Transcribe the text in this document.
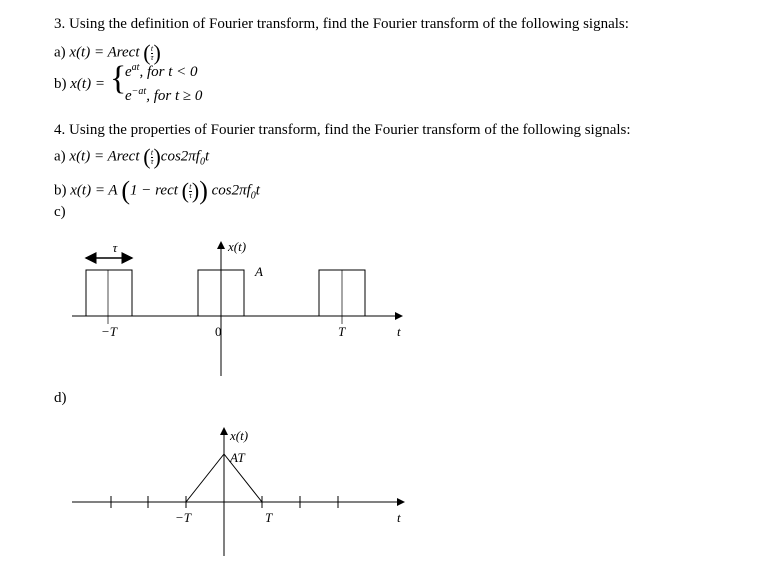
3. Using the definition of Fourier transform, find the Fourier transform of the following signals:
a) x(t) = Arect ( $\frac{t}{\tau}$ )
b) x(t) = {
$e^{at}$, for t < 0
$e^{-at}$, for t ≥ 0
4. Using the properties of Fourier transform, find the Fourier transform of the following signals:
a) x(t) = Arect ( $\frac{t}{\tau} )\cos 2\pi f_0t$
b) x(t) = A (1 − rect ( $\frac{t}{\tau}$ )) $\cos 2\pi f_0t$
c)
d)
τ	x(t)
A
−T	0	T	t
x(t)
AT
−T	T	t
